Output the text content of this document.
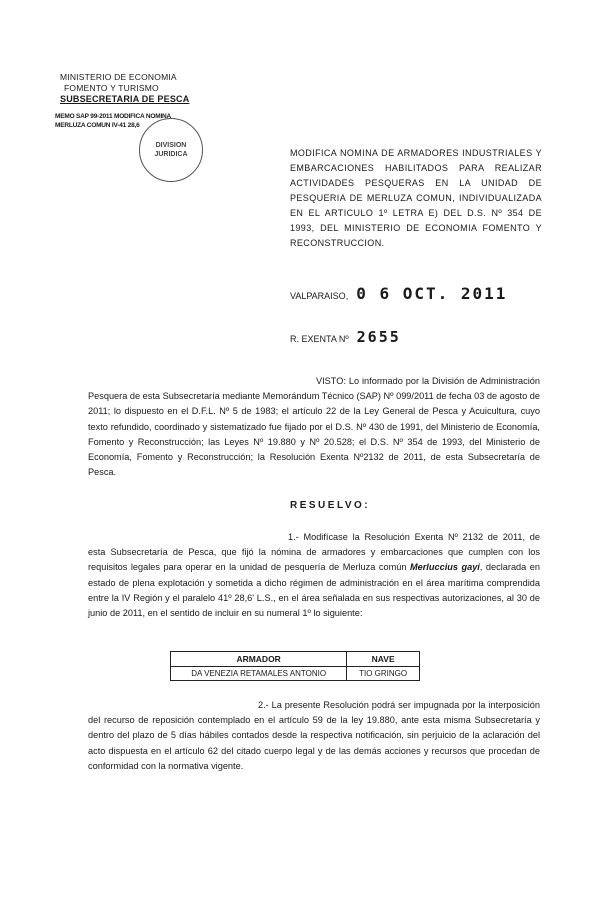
MINISTERIO DE ECONOMIA
FOMENTO Y TURISMO
SUBSECRETARIA DE PESCA
MEMO SAP 99-2011 MODIFICA NOMINA
MERLUZA COMUN IV-41 28,6
DIVISION
JURIDICA	MODIFICA NOMINA DE ARMADORES INDUSTRIALES Y EMBARCACIONES HABILITADOS PARA REALIZAR ACTIVIDADES PESQUERAS EN LA UNIDAD DE PESQUERIA DE MERLUZA COMUN, INDIVIDUALIZADA EN EL ARTICULO 1º LETRA E) DEL D.S. Nº 354 DE 1993, DEL MINISTERIO DE ECONOMIA FOMENTO Y RECONSTRUCCION.
VALPARAISO, 0 6 OCT. 2011
R. EXENTA Nº 2655
VISTO: Lo informado por la División de Administración Pesquera de esta Subsecretaría mediante Memorándum Técnico (SAP) Nº 099/2011 de fecha 03 de agosto de 2011; lo dispuesto en el D.F.L. Nº 5 de 1983; el artículo 22 de la Ley General de Pesca y Acuicultura, cuyo texto refundido, coordinado y sistematizado fue fijado por el D.S. Nº 430 de 1991, del Ministerio de Economía, Fomento y Reconstrucción; las Leyes Nº 19.880 y Nº 20.528; el D.S. Nº 354 de 1993, del Ministerio de Economía, Fomento y Reconstrucción; la Resolución Exenta Nº2132 de 2011, de esta Subsecretaría de Pesca.
RESUELVO:
1.- Modifícase la Resolución Exenta Nº 2132 de 2011, de esta Subsecretaría de Pesca, que fijó la nómina de armadores y embarcaciones que cumplen con los requisitos legales para operar en la unidad de pesquería de Merluza común Merluccius gayi, declarada en estado de plena explotación y sometida a dicho régimen de administración en el área marítima comprendida entre la IV Región y el paralelo 41º 28,6' L.S., en el área señalada en sus respectivas autorizaciones, al 30 de junio de 2011, en el sentido de incluir en su numeral 1º lo siguiente:
ARMADOR	NAVE
DA VENEZIA RETAMALES ANTONIO	TIO GRINGO
2.- La presente Resolución podrá ser impugnada por la interposición del recurso de reposición contemplado en el artículo 59 de la ley 19.880, ante esta misma Subsecretaría y dentro del plazo de 5 días hábiles contados desde la respectiva notificación, sin perjuicio de la aclaración del acto dispuesta en el artículo 62 del citado cuerpo legal y de las demás acciones y recursos que procedan de conformidad con la normativa vigente.
